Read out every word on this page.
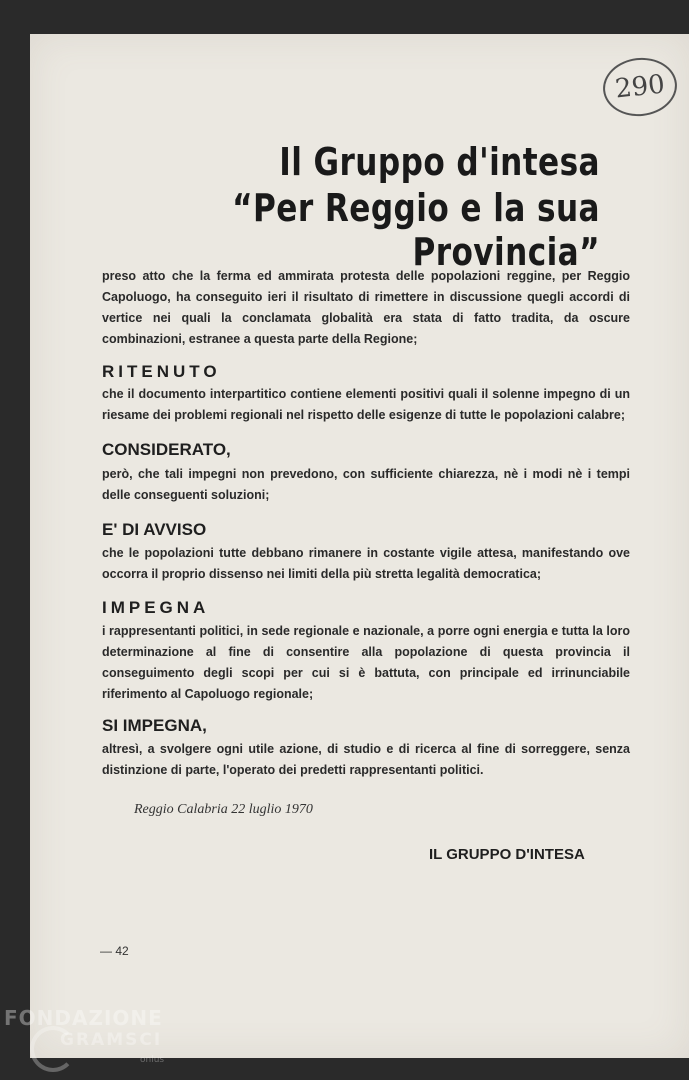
290
Il Gruppo d'intesa
“Per Reggio e la sua Provincia”
preso atto che la ferma ed ammirata protesta delle popolazioni reggine, per Reggio Capoluogo, ha conseguito ieri il risultato di rimettere in discussione quegli accordi di vertice nei quali la conclamata globalità era stata di fatto tradita, da oscure combinazioni, estranee a questa parte della Regione;
RITENUTO
che il documento interpartitico contiene elementi positivi quali il solenne impegno di un riesame dei problemi regionali nel rispetto delle esigenze di tutte le popolazioni calabre;
CONSIDERATO,
però, che tali impegni non prevedono, con sufficiente chiarezza, nè i modi nè i tempi delle conseguenti soluzioni;
E' DI AVVISO
che le popolazioni tutte debbano rimanere in costante vigile attesa, manifestando ove occorra il proprio dissenso nei limiti della più stretta legalità democratica;
IMPEGNA
i rappresentanti politici, in sede regionale e nazionale, a porre ogni energia e tutta la loro determinazione al fine di consentire alla popolazione di questa provincia il conseguimento degli scopi per cui si è battuta, con principale ed irrinunciabile riferimento al Capoluogo regionale;
SI IMPEGNA,
altresì, a svolgere ogni utile azione, di studio e di ricerca al fine di sorreggere, senza distinzione di parte, l'operato dei predetti rappresentanti politici.
Reggio Calabria 22 luglio 1970
IL GRUPPO D'INTESA
— 42
FONDAZIONE
GRAMSCI
onlus
